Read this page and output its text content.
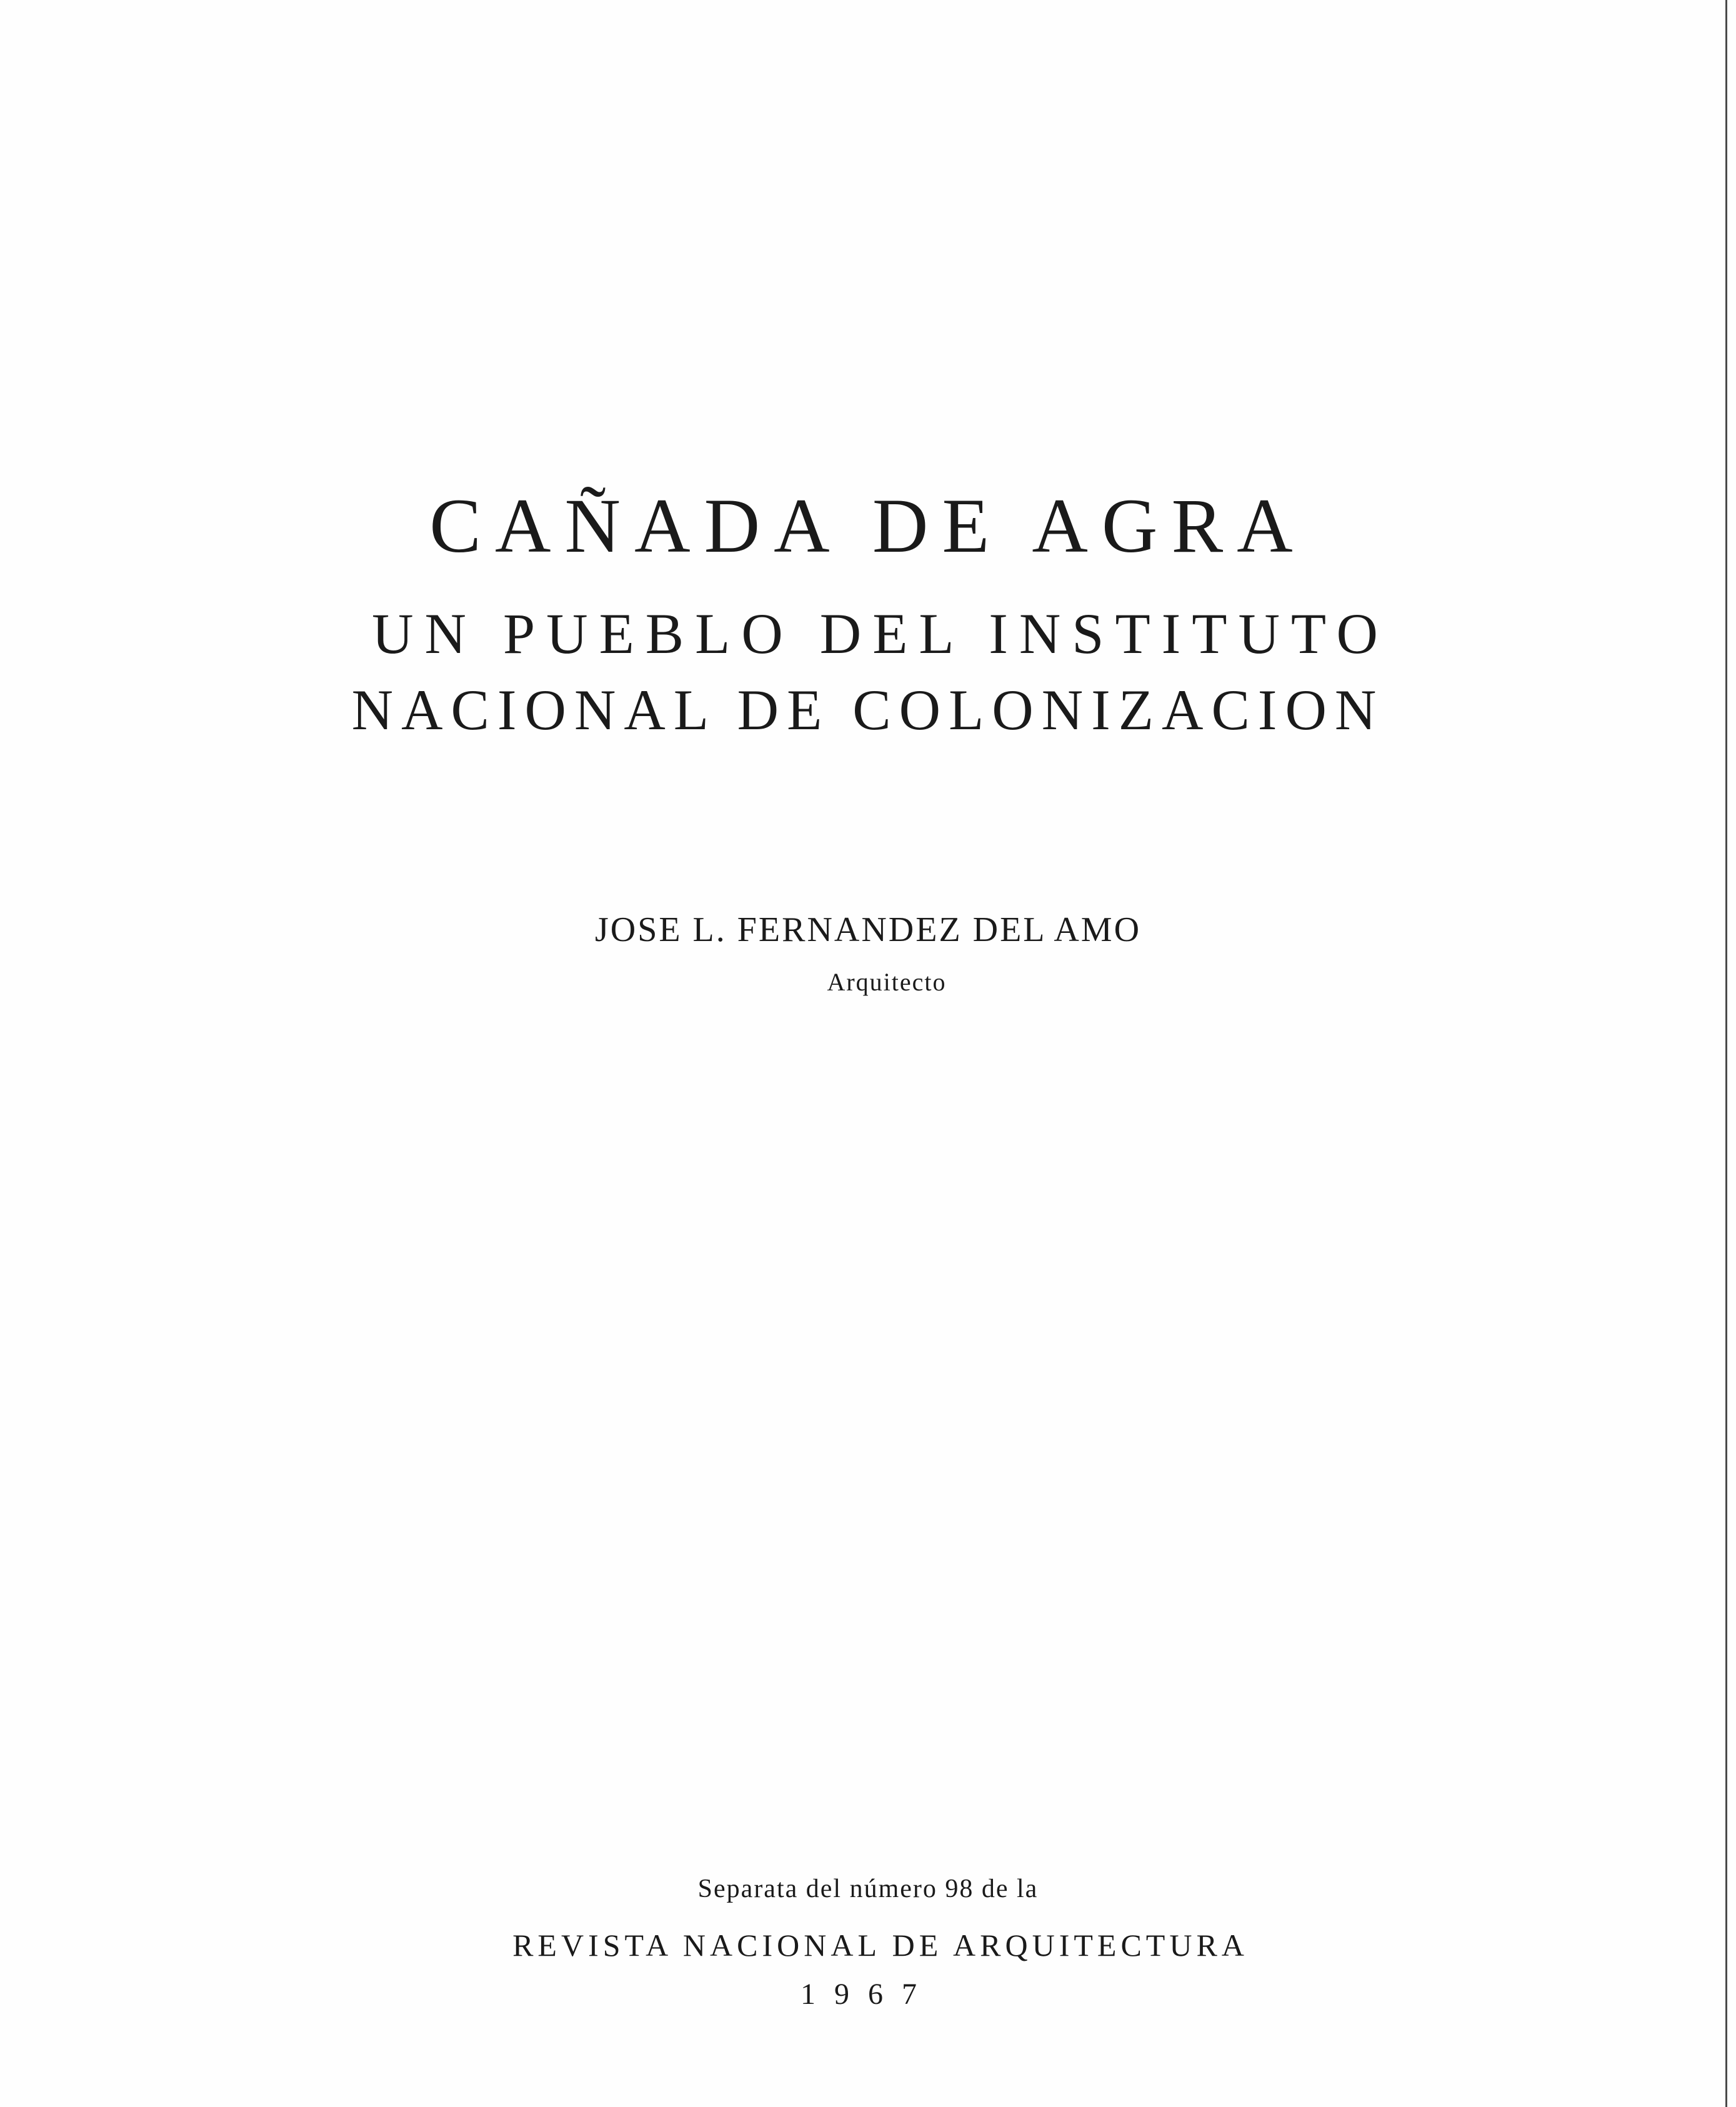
CAÑADA DE AGRA
UN PUEBLO DEL INSTITUTO
NACIONAL DE COLONIZACION
JOSE L. FERNANDEZ DEL AMO
Arquitecto
Separata del número 98 de la
REVISTA NACIONAL DE ARQUITECTURA
1967
